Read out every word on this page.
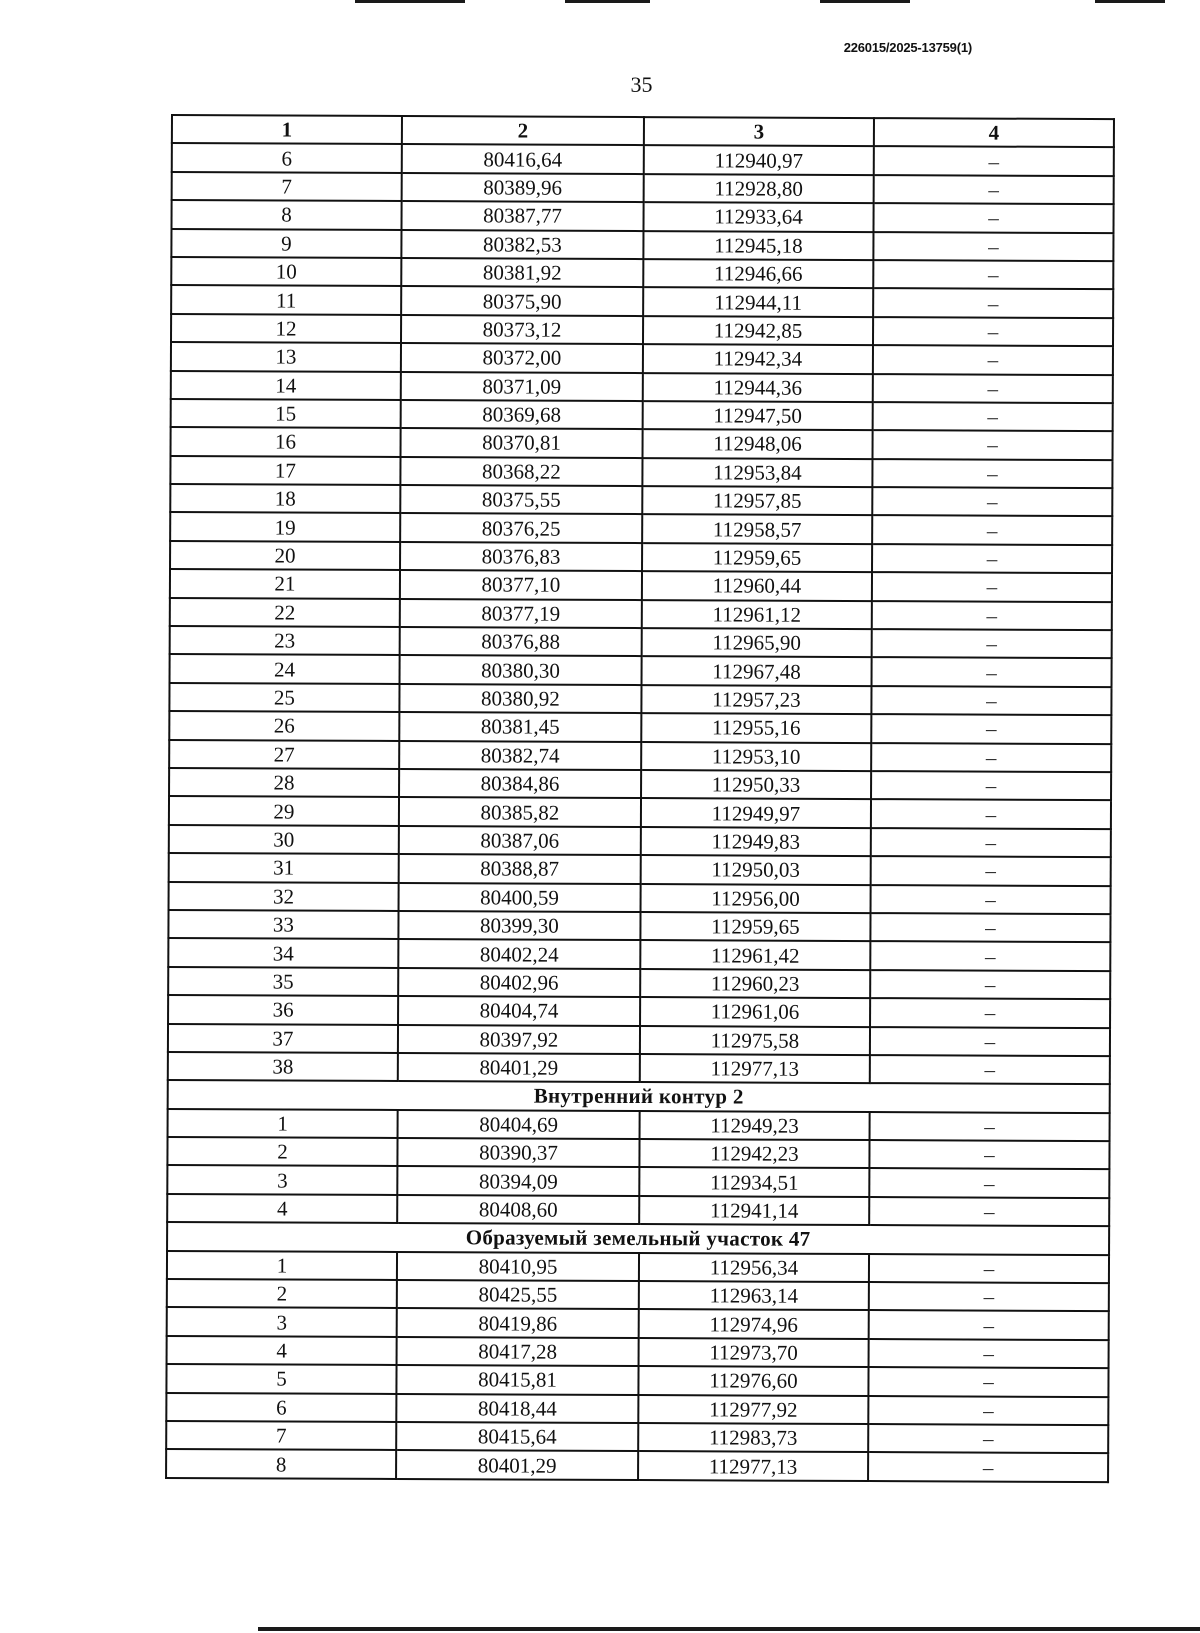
226015/2025-13759(1)
35
1	2	3	4
6	80416,64	112940,97	–
7	80389,96	112928,80	–
8	80387,77	112933,64	–
9	80382,53	112945,18	–
10	80381,92	112946,66	–
11	80375,90	112944,11	–
12	80373,12	112942,85	–
13	80372,00	112942,34	–
14	80371,09	112944,36	–
15	80369,68	112947,50	–
16	80370,81	112948,06	–
17	80368,22	112953,84	–
18	80375,55	112957,85	–
19	80376,25	112958,57	–
20	80376,83	112959,65	–
21	80377,10	112960,44	–
22	80377,19	112961,12	–
23	80376,88	112965,90	–
24	80380,30	112967,48	–
25	80380,92	112957,23	–
26	80381,45	112955,16	–
27	80382,74	112953,10	–
28	80384,86	112950,33	–
29	80385,82	112949,97	–
30	80387,06	112949,83	–
31	80388,87	112950,03	–
32	80400,59	112956,00	–
33	80399,30	112959,65	–
34	80402,24	112961,42	–
35	80402,96	112960,23	–
36	80404,74	112961,06	–
37	80397,92	112975,58	–
38	80401,29	112977,13	–
Внутренний контур 2			
1	80404,69	112949,23	–
2	80390,37	112942,23	–
3	80394,09	112934,51	–
4	80408,60	112941,14	–
Образуемый земельный участок 47			
1	80410,95	112956,34	–
2	80425,55	112963,14	–
3	80419,86	112974,96	–
4	80417,28	112973,70	–
5	80415,81	112976,60	–
6	80418,44	112977,92	–
7	80415,64	112983,73	–
8	80401,29	112977,13	–
